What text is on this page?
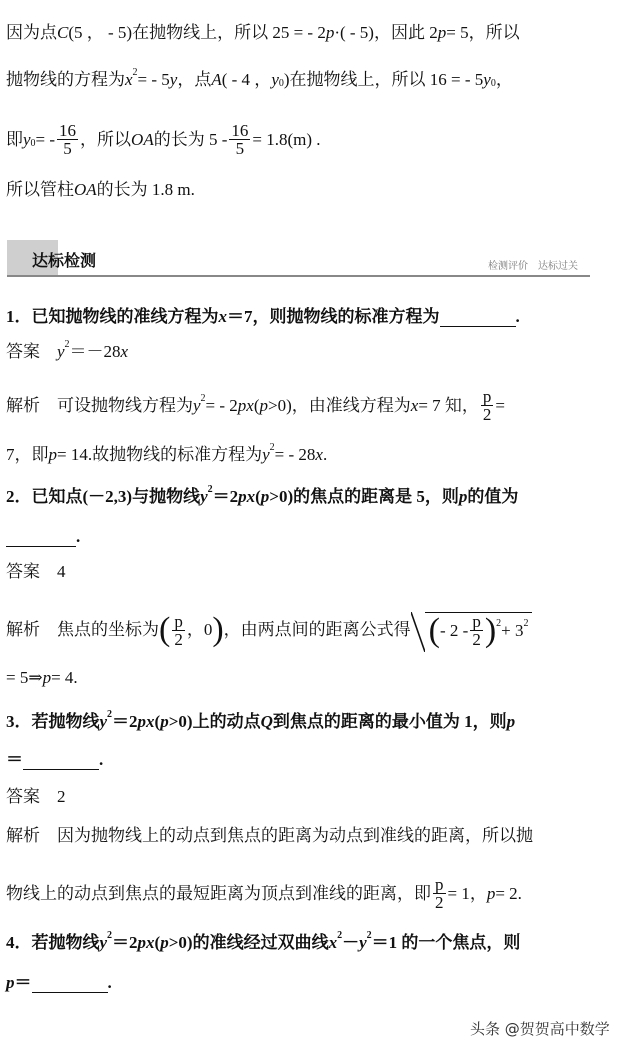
因为点 C (5 ， - 5)在抛物线上，所以 25 = - 2 p ·( - 5)，因此 2 p = 5，所以
抛物线的方程为 x 2 = - 5 y ，点 A ( - 4 ， y 0 )在抛物线上，所以 16 = - 5 y 0 ，
即 y 0 = - $\frac{16}{5}$ ，所以 OA 的长为 $5 - \frac{16}{5} = 1.8(m)$ .
所以管柱 OA 的长为 1.8 m.
1．已知抛物线的准线方程为 x ＝7，则抛物线的标准方程为	.
答案　 y 2 ＝－28 x
解析　可设抛物线方程为 y 2 = - 2 px ( p >0)，由准线方程为 x = 7 知， $\frac{p}{2}$ =
7，即 p = 14.故抛物线的标准方程为 y 2 = - 28 x .
2．已知点(－2,3)与抛物线 y 2 ＝2 px ( p >0)的焦点的距离是 5，则 p 的值为
.
答案　4
解析　焦点的坐标为 ( $\frac{p}{2}$ ，0 ) ，由两点间的距离公式得 ( - $2 - \frac{p}{2}$ ) 2 + 3 2
= 5⇒ p = 4.
3．若抛物线 y 2 ＝2 px ( p >0)上的动点 Q 到焦点的距离的最小值为 1，则 p
＝	.
答案　2
解析　因为抛物线上的动点到焦点的距离为动点到准线的距离，所以抛
物线上的动点到焦点的最短距离为顶点到准线的距离，即 $\frac{p}{2} = 1$， p = 2.
4．若抛物线 y 2 ＝2 px ( p >0)的准线经过双曲线 x 2 － y 2 ＝1 的一个焦点，则
p ＝	.
达标检测	检测评价　达标过关
头条 @贺贺高中数学
